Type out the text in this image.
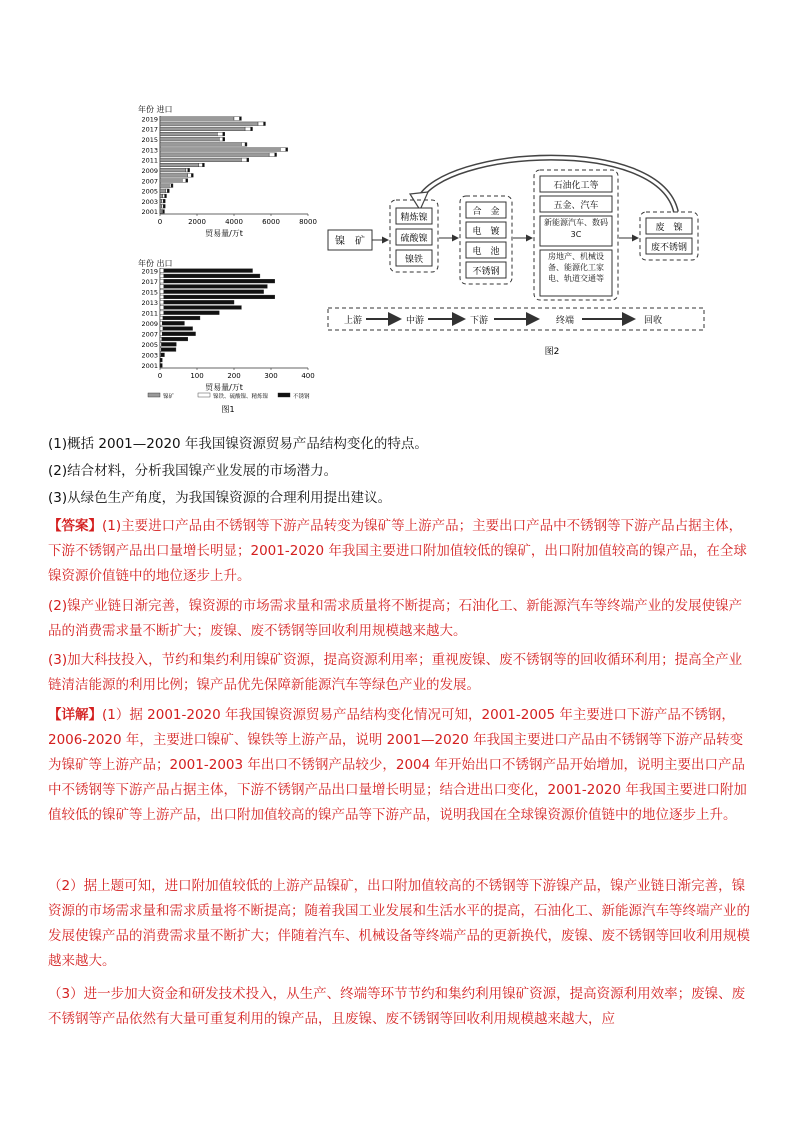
年份 进口
2019
2017
2015
2013
2011
2009
2007
2005
2003
2001
0	2000	4000	6000	8000
贸易量/万t
年份 出口
2019
2017
2015
2013
2011
2009
2007
2005
2003
2001
0	100	200	300	400
贸易量/万t
镍矿	镍铁、硫酸镍、精炼镍	不锈钢
图1
镍　矿
精炼镍
硫酸镍
镍铁
合　金
电　镀
电　池
不锈钢
石油化工等
五金、汽车
新能源汽车、数码3C
房地产、机械设备、能源化工家电、轨道交通等
废　镍
废不锈钢
上游	中游	下游	终端	回收
图2

(1)概括 2001—2020 年我国镍资源贸易产品结构变化的特点。

(2)结合材料，分析我国镍产业发展的市场潜力。

(3)从绿色生产角度，为我国镍资源的合理利用提出建议。

【答案】(1)主要进口产品由不锈钢等下游产品转变为镍矿等上游产品；主要出口产品中不锈钢等下游产品占据主体，下游不锈钢产品出口量增长明显；2001-2020 年我国主要进口附加值较低的镍矿，出口附加值较高的镍产品，在全球镍资源价值链中的地位逐步上升。

(2)镍产业链日渐完善，镍资源的市场需求量和需求质量将不断提高；石油化工、新能源汽车等终端产业的发展使镍产品的消费需求量不断扩大；废镍、废不锈钢等回收利用规模越来越大。

(3)加大科技投入，节约和集约利用镍矿资源，提高资源利用率；重视废镍、废不锈钢等的回收循环利用；提高全产业链清洁能源的利用比例；镍产品优先保障新能源汽车等绿色产业的发展。

【详解】(1）据 2001-2020 年我国镍资源贸易产品结构变化情况可知，2001-2005 年主要进口下游产品不锈钢，2006-2020 年，主要进口镍矿、镍铁等上游产品，说明 2001—2020 年我国主要进口产品由不锈钢等下游产品转变为镍矿等上游产品；2001-2003 年出口不锈钢产品较少，2004 年开始出口不锈钢产品开始增加，说明主要出口产品中不锈钢等下游产品占据主体，下游不锈钢产品出口量增长明显；结合进出口变化，2001-2020 年我国主要进口附加值较低的镍矿等上游产品，出口附加值较高的镍产品等下游产品，说明我国在全球镍资源价值链中的地位逐步上升。

（2）据上题可知，进口附加值较低的上游产品镍矿，出口附加值较高的不锈钢等下游镍产品，镍产业链日渐完善，镍资源的市场需求量和需求质量将不断提高；随着我国工业发展和生活水平的提高，石油化工、新能源汽车等终端产业的发展使镍产品的消费需求量不断扩大；伴随着汽车、机械设备等终端产品的更新换代，废镍、废不锈钢等回收利用规模越来越大。

（3）进一步加大资金和研发技术投入，从生产、终端等环节节约和集约利用镍矿资源，提高资源利用效率；废镍、废不锈钢等产品依然有大量可重复利用的镍产品，且废镍、废不锈钢等回收利用规模越来越大，应
